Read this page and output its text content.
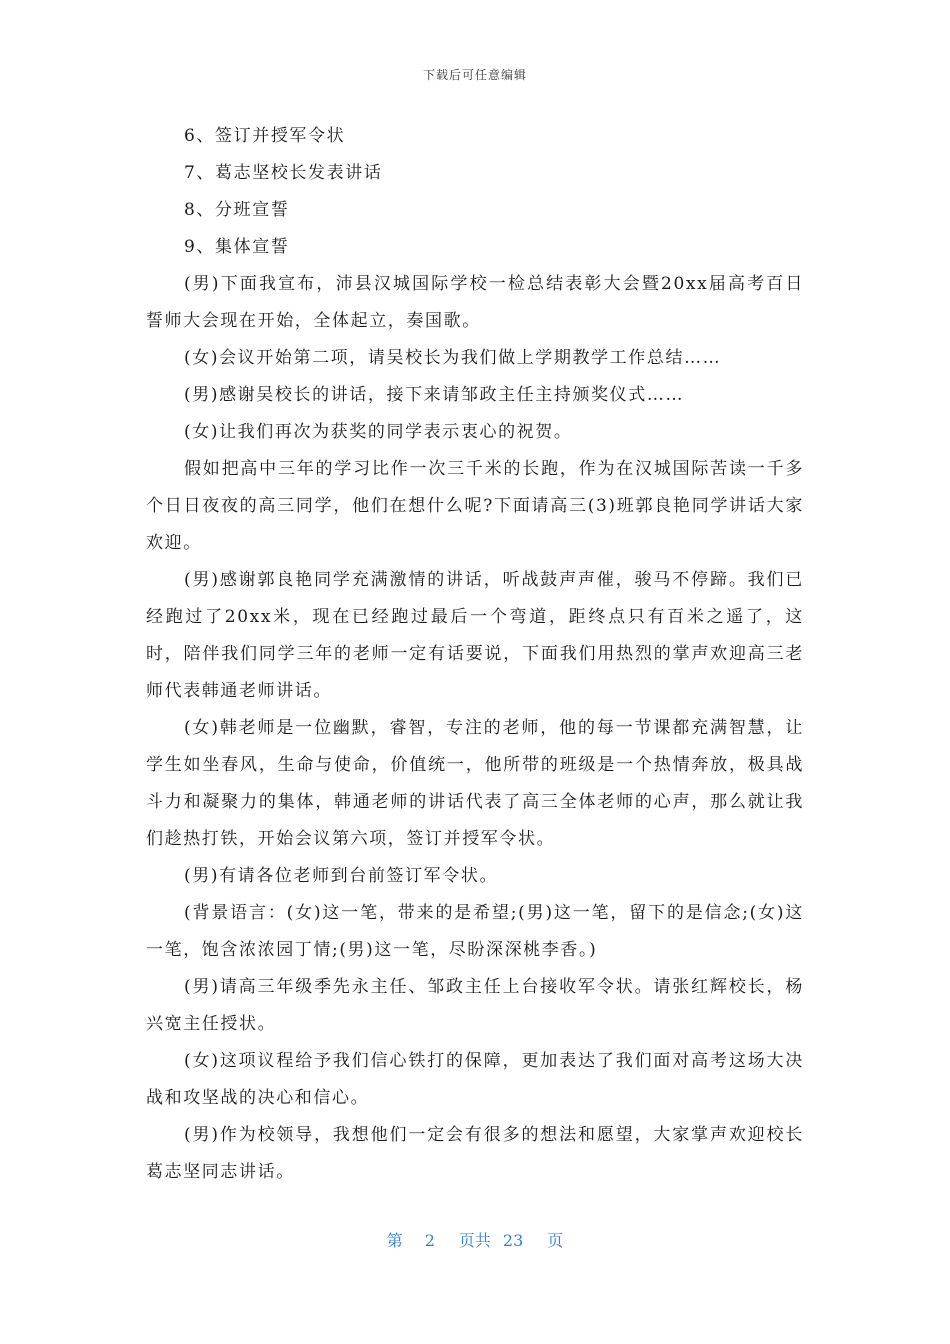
下载后可任意编辑

6、签订并授军令状

7、葛志坚校长发表讲话

8、分班宣誓

9、集体宣誓

(男)下面我宣布，沛县汉城国际学校一检总结表彰大会暨20xx届高考百日誓师大会现在开始，全体起立，奏国歌。

(女)会议开始第二项，请吴校长为我们做上学期教学工作总结……

(男)感谢吴校长的讲话，接下来请邹政主任主持颁奖仪式……

(女)让我们再次为获奖的同学表示衷心的祝贺。

假如把高中三年的学习比作一次三千米的长跑，作为在汉城国际苦读一千多个日日夜夜的高三同学，他们在想什么呢?下面请高三(3)班郭良艳同学讲话大家欢迎。

(男)感谢郭良艳同学充满激情的讲话，听战鼓声声催，骏马不停蹄。我们已经跑过了20xx米，现在已经跑过最后一个弯道，距终点只有百米之遥了，这时，陪伴我们同学三年的老师一定有话要说，下面我们用热烈的掌声欢迎高三老师代表韩通老师讲话。

(女)韩老师是一位幽默，睿智，专注的老师，他的每一节课都充满智慧，让学生如坐春风，生命与使命，价值统一，他所带的班级是一个热情奔放，极具战斗力和凝聚力的集体，韩通老师的讲话代表了高三全体老师的心声，那么就让我们趁热打铁，开始会议第六项，签订并授军令状。

(男)有请各位老师到台前签订军令状。

(背景语言：(女)这一笔，带来的是希望;(男)这一笔，留下的是信念;(女)这一笔，饱含浓浓园丁情;(男)这一笔，尽盼深深桃李香。)

(男)请高三年级季先永主任、邹政主任上台接收军令状。请张红辉校长，杨兴宽主任授状。

(女)这项议程给予我们信心铁打的保障，更加表达了我们面对高考这场大决战和攻坚战的决心和信心。

(男)作为校领导，我想他们一定会有很多的想法和愿望，大家掌声欢迎校长葛志坚同志讲话。

第 2 页共 23 页
